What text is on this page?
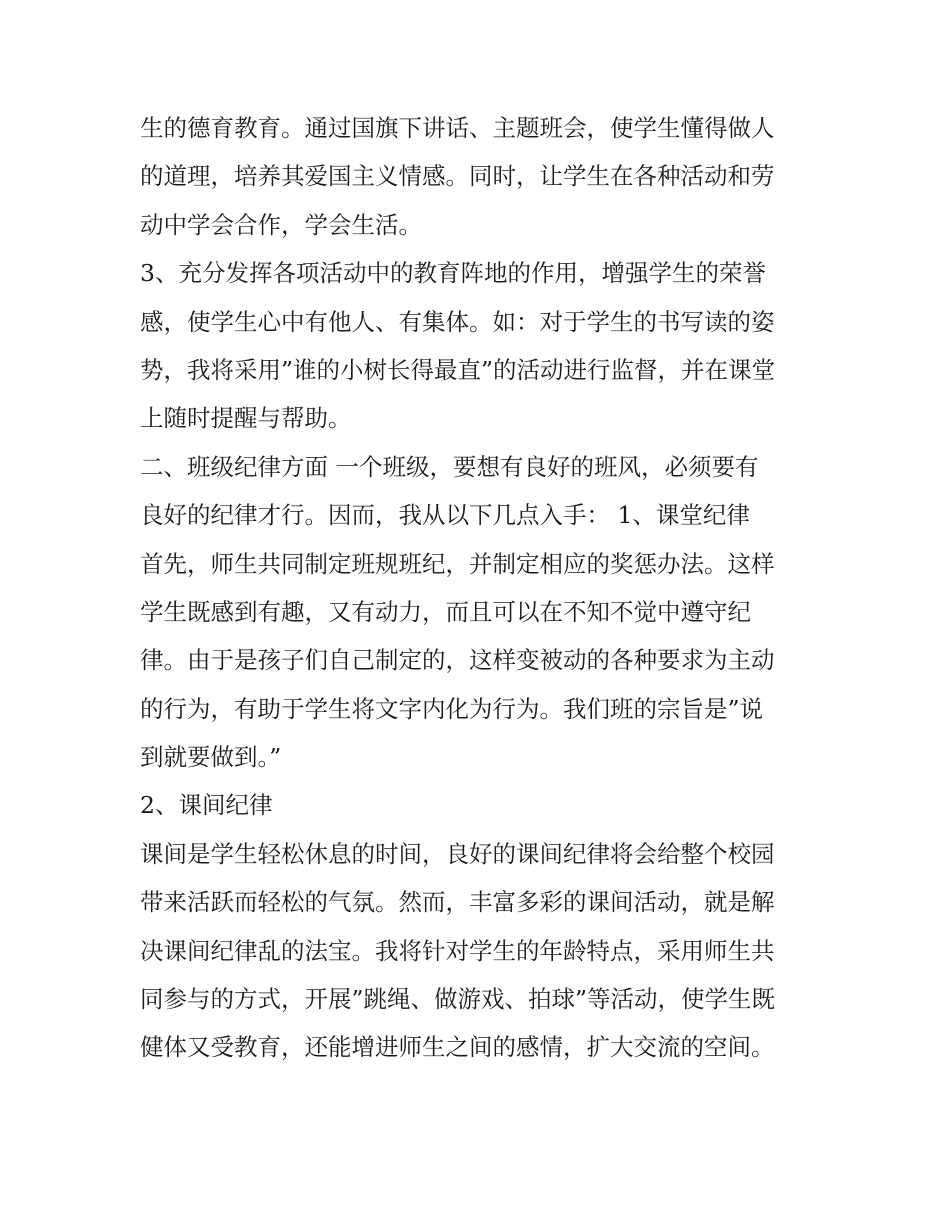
生的德育教育。通过国旗下讲话、主题班会，使学生懂得做人
的道理，培养其爱国主义情感。同时，让学生在各种活动和劳
动中学会合作，学会生活。
3、充分发挥各项活动中的教育阵地的作用，增强学生的荣誉
感，使学生心中有他人、有集体。如：对于学生的书写读的姿
势，我将采用”谁的小树长得最直”的活动进行监督，并在课堂
上随时提醒与帮助。
二、班级纪律方面 一个班级，要想有良好的班风，必须要有
良好的纪律才行。因而，我从以下几点入手： 1、课堂纪律
首先，师生共同制定班规班纪，并制定相应的奖惩办法。这样
学生既感到有趣，又有动力，而且可以在不知不觉中遵守纪
律。由于是孩子们自己制定的，这样变被动的各种要求为主动
的行为，有助于学生将文字内化为行为。我们班的宗旨是”说
到就要做到。”
2、课间纪律
课间是学生轻松休息的时间，良好的课间纪律将会给整个校园
带来活跃而轻松的气氛。然而，丰富多彩的课间活动，就是解
决课间纪律乱的法宝。我将针对学生的年龄特点，采用师生共
同参与的方式，开展”跳绳、做游戏、拍球”等活动，使学生既
健体又受教育，还能增进师生之间的感情，扩大交流的空间。
